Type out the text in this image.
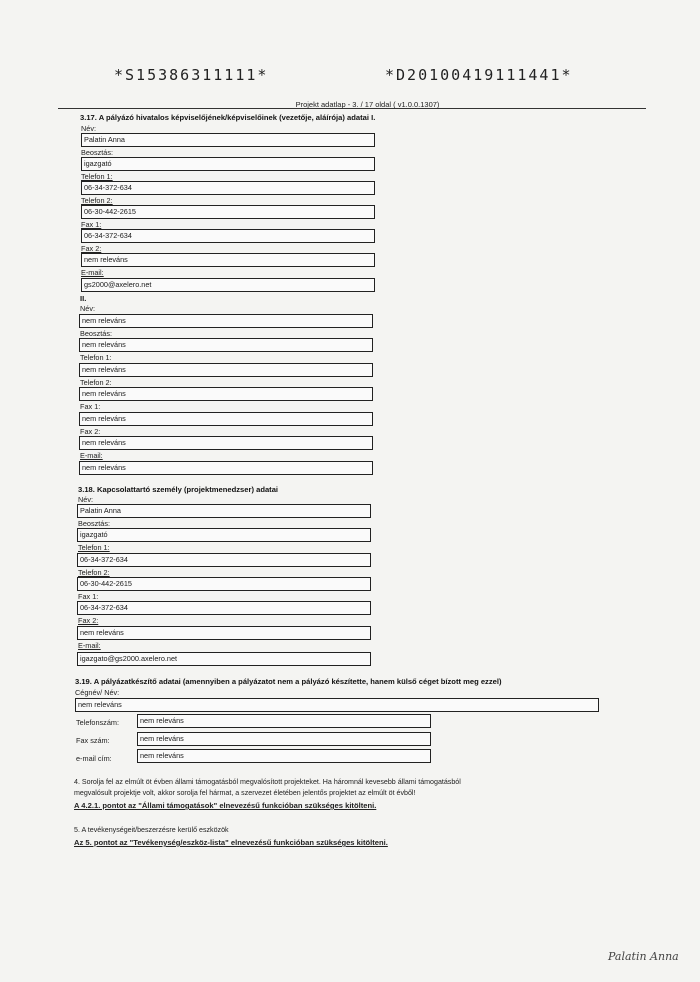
*S15386311111*	*D20100419111441*
Projekt adatlap - 3. / 17 oldal ( v1.0.0.1307)
3.17. A pályázó hivatalos képviselőjének/képviselőinek (vezetője, aláírója) adatai I.
Név:
Palatin Anna
Beosztás:
igazgató
Telefon 1:
06-34-372-634
Telefon 2:
06-30-442-2615
Fax 1:
06-34-372-634
Fax 2:
nem releváns
E-mail:
gs2000@axelero.net
II.
Név:
nem releváns
Beosztás:
nem releváns
Telefon 1:
nem releváns
Telefon 2:
nem releváns
Fax 1:
nem releváns
Fax 2:
nem releváns
E-mail:
nem releváns
3.18. Kapcsolattartó személy (projektmenedzser) adatai
Név:
Palatin Anna
Beosztás:
igazgató
Telefon 1:
06-34-372-634
Telefon 2:
06-30-442-2615
Fax 1:
06-34-372-634
Fax 2:
nem releváns
E-mail:
igazgato@gs2000.axelero.net
3.19. A pályázatkészítő adatai (amennyiben a pályázatot nem a pályázó készítette, hanem külső céget bízott meg ezzel)
Cégnév/ Név:
nem releváns
Telefonszám:	nem releváns
Fax szám:	nem releváns
e-mail cím:	nem releváns
4. Sorolja fel az elmúlt öt évben állami támogatásból megvalósított projekteket. Ha háromnál kevesebb állami támogatásból
megvalósult projektje volt, akkor sorolja fel hármat, a szervezet életében jelentős projektet az elmúlt öt évből!
A 4.2.1. pontot az "Állami támogatások" elnevezésű funkcióban szükséges kitölteni.
5. A tevékenységeit/beszerzésre kerülő eszközök
Az 5. pontot az "Tevékenység/eszköz-lista" elnevezésű funkcióban szükséges kitölteni.
Palatin Anna
